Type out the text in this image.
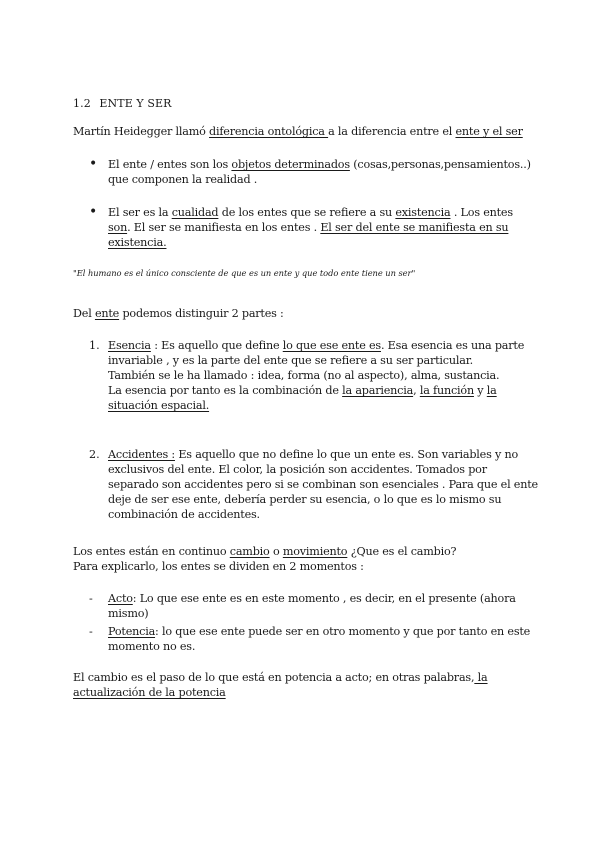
1.2 ENTE Y SER
Martín Heidegger llamó diferencia ontológica a la diferencia entre el ente y el ser
• El ente / entes son los objetos determinados (cosas,personas,pensamientos..) que componen la realidad .
• El ser es la cualidad de los entes que se refiere a su existencia . Los entes son. El ser se manifiesta en los entes . El ser del ente se manifiesta en su existencia.
"El humano es el único consciente de que es un ente y que todo ente tiene un ser"
Del ente podemos distinguir 2 partes :
1. Esencia : Es aquello que define lo que ese ente es. Esa esencia es una parte invariable , y es la parte del ente que se refiere a su ser particular.
También se le ha llamado : idea, forma (no al aspecto), alma, sustancia.
La esencia por tanto es la combinación de la apariencia, la función y la situación espacial.
2. Accidentes : Es aquello que no define lo que un ente es. Son variables y no exclusivos del ente. El color, la posición son accidentes. Tomados por separado son accidentes pero si se combinan son esenciales . Para que el ente deje de ser ese ente, debería perder su esencia, o lo que es lo mismo su combinación de accidentes.
Los entes están en continuo cambio o movimiento ¿Que es el cambio?
Para explicarlo, los entes se dividen en 2 momentos :
- Acto: Lo que ese ente es en este momento , es decir, en el presente (ahora mismo)
- Potencia: lo que ese ente puede ser en otro momento y que por tanto en este momento no es.
El cambio es el paso de lo que está en potencia a acto; en otras palabras, la actualización de la potencia
